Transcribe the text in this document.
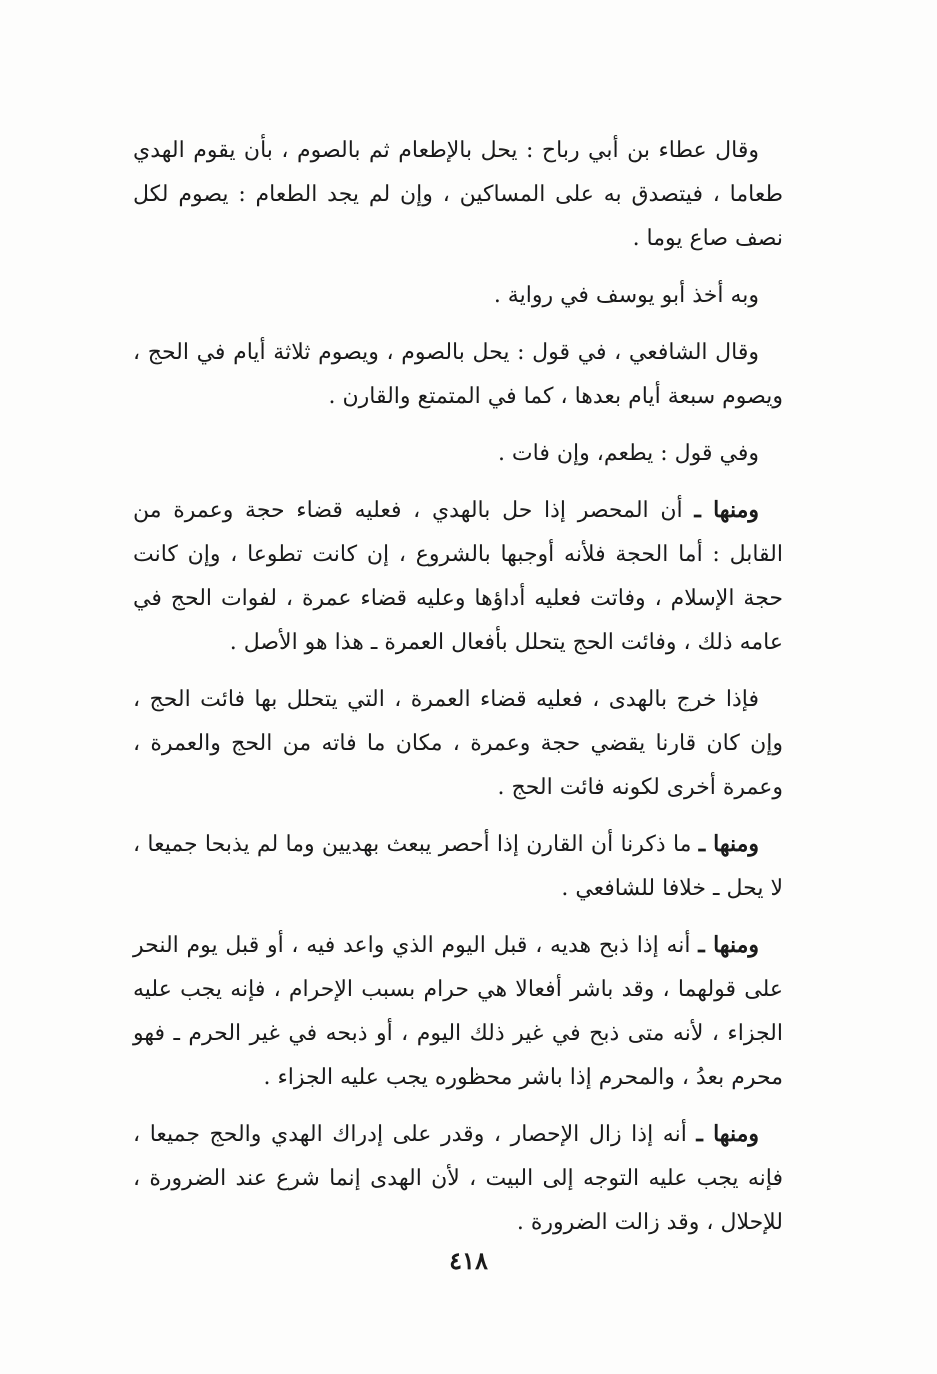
وقال عطاء بن أبي رباح : يحل بالإطعام ثم بالصوم ، بأن يقوم الهدي طعاما ، فيتصدق به على المساكين ، وإن لم يجد الطعام : يصوم لكل نصف صاع يوما .

وبه أخذ أبو يوسف في رواية .

وقال الشافعي ، في قول : يحل بالصوم ، ويصوم ثلاثة أيام في الحج ، ويصوم سبعة أيام بعدها ، كما في المتمتع والقارن .

وفي قول : يطعم، وإن فات .

ومنها ـ أن المحصر إذا حل بالهدي ، فعليه قضاء حجة وعمرة من القابل : أما الحجة فلأنه أوجبها بالشروع ، إن كانت تطوعا ، وإن كانت حجة الإسلام ، وفاتت فعليه أداؤها وعليه قضاء عمرة ، لفوات الحج في عامه ذلك ، وفائت الحج يتحلل بأفعال العمرة ـ هذا هو الأصل .

فإذا خرج بالهدى ، فعليه قضاء العمرة ، التي يتحلل بها فائت الحج ، وإن كان قارنا يقضي حجة وعمرة ، مكان ما فاته من الحج والعمرة ، وعمرة أخرى لكونه فائت الحج .

ومنها ـ ما ذكرنا أن القارن إذا أحصر يبعث بهديين وما لم يذبحا جميعا ، لا يحل ـ خلافا للشافعي .

ومنها ـ أنه إذا ذبح هديه ، قبل اليوم الذي واعد فيه ، أو قبل يوم النحر على قولهما ، وقد باشر أفعالا هي حرام بسبب الإحرام ، فإنه يجب عليه الجزاء ، لأنه متى ذبح في غير ذلك اليوم ، أو ذبحه في غير الحرم ـ فهو محرم بعدُ ، والمحرم إذا باشر محظوره يجب عليه الجزاء .

ومنها ـ أنه إذا زال الإحصار ، وقدر على إدراك الهدي والحج جميعا ، فإنه يجب عليه التوجه إلى البيت ، لأن الهدى إنما شرع عند الضرورة ، للإحلال ، وقد زالت الضرورة .

٤١٨
